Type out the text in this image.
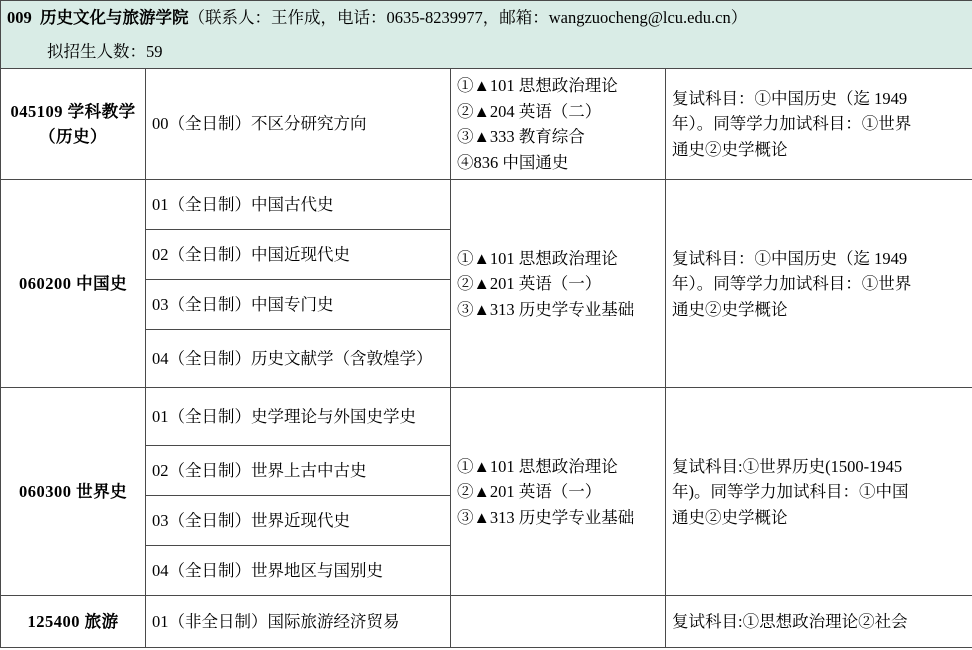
009 历史文化与旅游学院（联系人：王作成，电话：0635-8239977，邮箱：wangzuocheng@lcu.edu.cn）			
拟招生人数：59			
045109 学科教学（历史）	00（全日制）不区分研究方向	①▲101 思想政治理论
②▲204 英语（二）
③▲333 教育综合
④836 中国通史	复试科目：①中国历史（迄 1949
年）。同等学力加试科目：①世界
通史②史学概论

060200 中国史	01（全日制）中国古代史	①▲101 思想政治理论
②▲201 英语（一）
③▲313 历史学专业基础	复试科目：①中国历史（迄 1949
年）。同等学力加试科目：①世界
通史②史学概论

	02（全日制）中国近现代史		
	03（全日制）中国专门史		
	04（全日制）历史文献学（含敦煌学）		
060300 世界史	01（全日制）史学理论与外国史学史	①▲101 思想政治理论
②▲201 英语（一）
③▲313 历史学专业基础	复试科目:①世界历史(1500-1945
年)。同等学力加试科目：①中国
通史②史学概论

	02（全日制）世界上古中古史		
	03（全日制）世界近现代史		
	04（全日制）世界地区与国别史		
125400 旅游	01（非全日制）国际旅游经济贸易		复试科目:①思想政治理论②社会
